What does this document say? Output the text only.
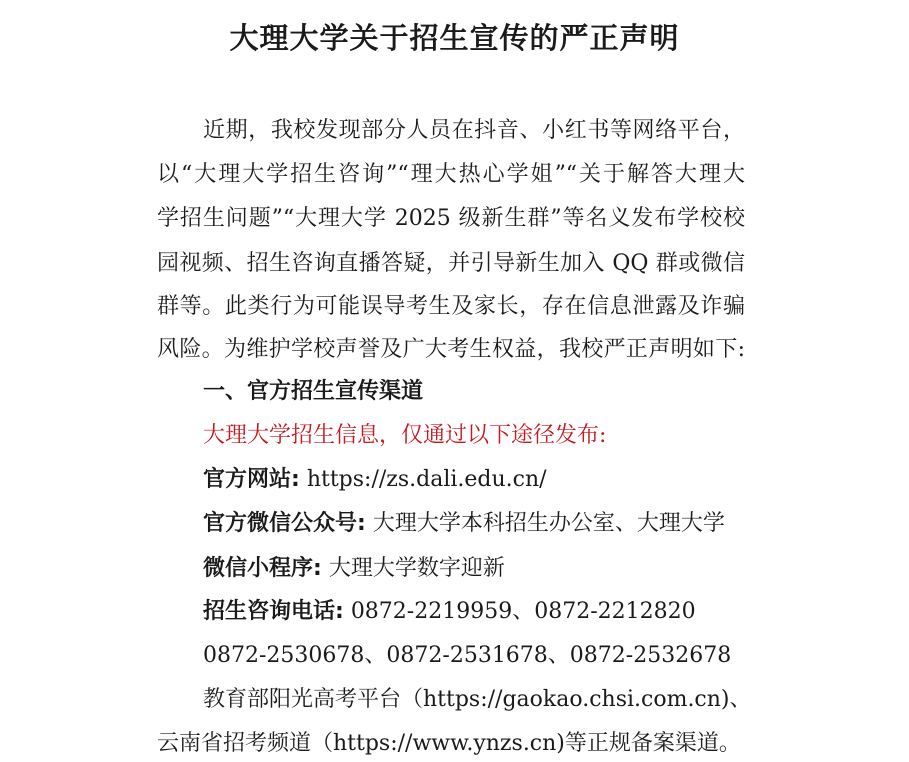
大理大学关于招生宣传的严正声明
近期，我校发现部分人员在抖音、小红书等网络平台，
以“大理大学招生咨询”“理大热心学姐”“关于解答大理大
学招生问题”“大理大学 2025 级新生群”等名义发布学校校
园视频、招生咨询直播答疑，并引导新生加入 QQ 群或微信
群等。此类行为可能误导考生及家长，存在信息泄露及诈骗
风险。为维护学校声誉及广大考生权益，我校严正声明如下:
一、官方招生宣传渠道
大理大学招生信息，仅通过以下途径发布:
官方网站: https://zs.dali.edu.cn/
官方微信公众号: 大理大学本科招生办公室、大理大学
微信小程序: 大理大学数字迎新
招生咨询电话: 0872-2219959、0872-2212820
0872-2530678、0872-2531678、0872-2532678
教育部阳光高考平台（https://gaokao.chsi.com.cn)、
云南省招考频道（https://www.ynzs.cn)等正规备案渠道。
